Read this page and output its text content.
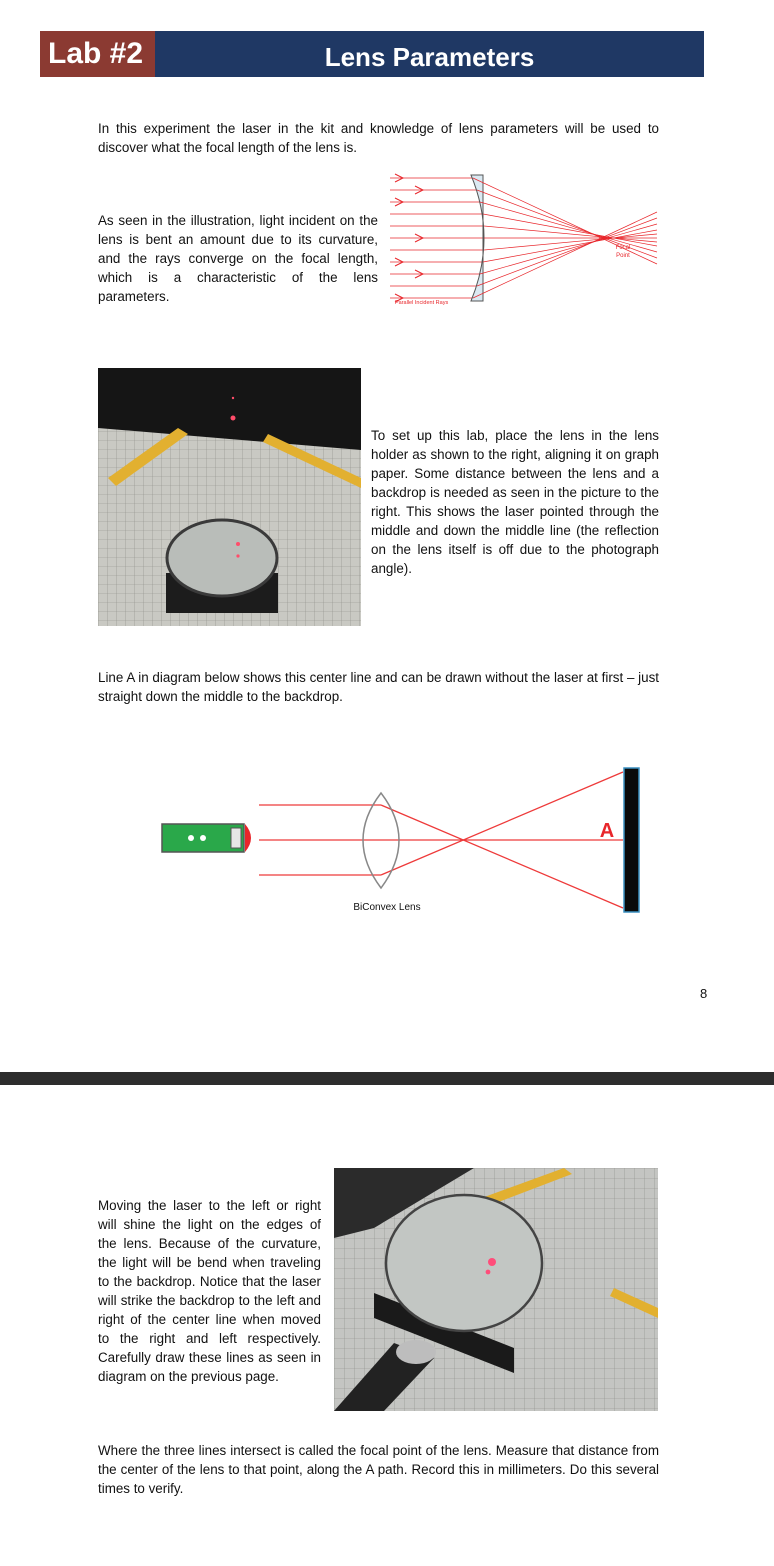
Lab #2	Lens Parameters
In this experiment the laser in the kit and knowledge of lens parameters will be used to discover what the focal length of the lens is.
As seen in the illustration, light incident on the lens is bent an amount due to its curvature, and the rays converge on the focal length, which is a characteristic of the lens parameters.
Focal
Point
Parallel Incident Rays
To set up this lab, place the lens in the lens holder as shown to the right, aligning it on graph paper. Some distance between the lens and a backdrop is needed as seen in the picture to the right. This shows the laser pointed through the middle and down the middle line (the reflection on the lens itself is off due to the photograph angle).
Line A in diagram below shows this center line and can be drawn without the laser at first – just straight down the middle to the backdrop.
A
BiConvex Lens
8
Moving the laser to the left or right will shine the light on the edges of the lens. Because of the curvature, the light will be bend when traveling to the backdrop. Notice that the laser will strike the backdrop to the left and right of the center line when moved to the right and left respectively. Carefully draw these lines as seen in diagram on the previous page.
Where the three lines intersect is called the focal point of the lens. Measure that distance from the center of the lens to that point, along the A path. Record this in millimeters. Do this several times to verify.
